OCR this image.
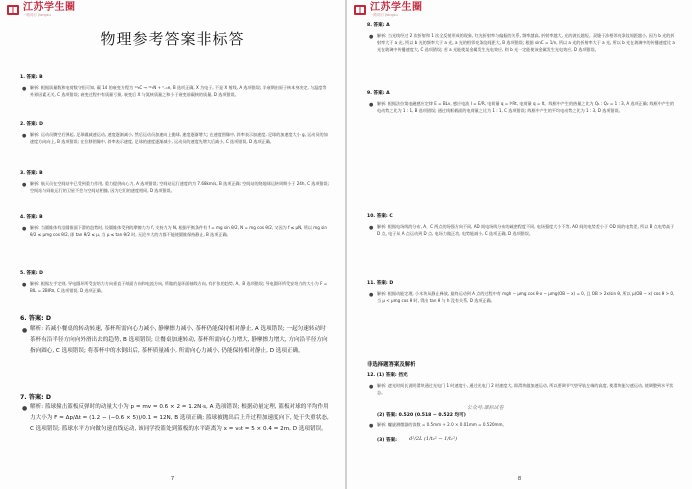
江苏学生圈
一路同行 jiangsu
物理参考答案非标答
1. 答案: B
● 解析: 根据质量数和电荷数守恒可知, 碳 14 的衰变方程为 ¹⁴₆C → ¹⁴₇N + ⁰₋₁e, B 选项正确, X 为电子, 不是 X 射线, A 选项错误; 半衰期由原子核本身决定, 与温度等外界因素无关, C 选项错误; 衰变过程中有质量亏损, 衰变后 X 与氮核质量之和小于衰变前碳核的质量, D 选项错误。
2. 答案: D
● 解析: 运动员腾空后弹起, 足球做减速运动, 速度逐渐减小, 然后运动员加速向上抛球, 速度逐渐增大; 在速度图像中, 斜率表示加速度, 足球的加速度大小 g, 运动员的加速度方向向上, B 选项错误; 在位移图像中, 斜率表示速度, 足球的速度逐渐减小, 运动员的速度先增大后减小, C 选项错误, D 选项正确。
3. 答案: B
● 解析: 航天员在空间站中已受到重力作用, 重力提供向心力, A 选项错误; 空间站运行速度约为 7.68km/s, B 选项正确; 空间站的绕地球运转周期小于 24h, C 选项错误; 空间站与同轨运行的卫星不会与空间站相撞, 因为它们的速度相同, D 选项错误。
4. 答案: B
● 解析: 当圆锥体有沿圆锥面下滑的趋势时, 设圆锥体受到的摩擦力为 f, 支持力为 N, 根据平衡条件有 f = mg sin θ/2, N = mg cos θ/2, 又因为 f ≤ μN, 所以 mg sin θ/2 ≤ μmg cos θ/2, 即 tan θ/2 ≤ μ, 当 μ ≤ tan θ/2 时, 无论多大的力都不能使圆锥保持静止, B 选项正确。
5. 答案: D
● 解析: 根据左手定则, 导电圆环所受安培力方向垂直于纸面方向和电流方向, 所做的是环面轴线方向, 有扩张的趋势, A、B 选项错误; 导电圆环所受安培力的大小为 F = BIL = 2BIRπ, C 选项错误, D 选项正确。
6. 答案: D
● 解析: 若减小餐桌的转动转速, 茶杯所需向心力减小, 静摩擦力减小, 茶杯仍能保持相对静止, A 选项错误; 一起匀速转动时茶杯有沿半径方向向外滑出去的趋势, B 选项错误; 让餐桌加速转动, 茶杯所需向心力增大, 静摩擦力增大, 方向沿半径方向指向圆心, C 选项错误; 将茶杯中的水倒出后, 茶杯质量减小, 所需向心力减小, 仍能保持相对静止, D 选项正确。
7. 答案: D
● 解析: 篮球撞击篮板反弹时的动量大小为 p = mv = 0.6 × 2 = 1.2N·s, A 选项错误; 根据动量定理, 篮板对球的平均作用力大小为 F = Δp/Δt = (1.2 − (−0.6 × 5))/0.1 = 12N, B 选项正确; 篮球被抛出后上升过程加速度向下, 处于失重状态, C 选项错误; 篮球水平方向做匀速直线运动, 该同学投篮处到篮板的水平距离为 x = v₀t = 5 × 0.4 = 2m, D 选项错误。
7
江苏学生圈
一路同行 jiangsu
8. 答案: A
● 解析: 当光线经过 2 次折射和 1 次全反射形成的现象, 红光折射率与偏振的关系, 频率越高, 折射率越大, 光的波长越短。双缝干涉相邻亮条纹间距越小, 因为 b 光的折射率大于 a 光, 所以 b 光的频率大于 a 光, a 光的相邻亮条纹间距大, B 选项错误; 根据 sinC = 1/n, 所以 a 光的折射率大于 a 光, 所以 b 光在玻璃中的传播速度比 a 光在玻璃中传播速度大, C 选项错误; 若 a 光能使某金属发生光电效应, 则 b 光一定能使该金属发生光电效应, D 选项错误。
9. 答案: A
● 解析: 根据法拉第电磁感应定律 E = BLv, 感应电流 I = E/R, 电荷量 q = I²Rt, 电荷量 q = It。线框中产生的热量之比为 Q₁ : Q₂ = 1 : 3, A 选项正确; 线框中产生的电动势之比为 1 : 1, B 选项错误; 通过线框截面的电荷量之比为 1 : 1, C 选项错误; 线框中产生的平均电动势之比为 1 : 3, D 选项错误。
10. 答案: C
● 解析: 根据电场线的分布, A、C 两点的场强方向不同, AD 间电场线分布的疏密程度不同, 电场强度大小不等, AO 间的电势差小于 OD 间的电势差, 所以 B 点电势高于 D 点, 电子从 A 点运动到 D 点, 电场力做正功, 电势能减小, C 选项正确, D 选项错误。
11. 答案: D
● 解析: 根据动能定理, 小木块从静止释放, 最终运动到 A 点的过程中有 mgh − μmg cos θ·x − μmg(OB − x) = 0, 且 OB > 2x/sin θ, 所以 μ(OB − x) cos θ > 0, 当 μ < μmg cos θ 时, 得出 tan θ 与 h 没有关系, D 选项正确。
非选择题答案及解析
12. (1) 答案: 挡光
● 解析: 遮光时间长说明滑块通过光电门 1 时速度小, 通过光电门 2 时速度大, 即滑块做加速运动, 所以要调节气垫导轨左端的高度, 使滑块能匀速运动, 使调整到水平状态。
公众号:课标试卷
(2) 答案: 0.520 (0.518 ~ 0.522 均可)
● 解析: 螺旋测微器的读数 = 0.5mm + 2.0 × 0.01mm = 0.520mm。
(3) 答案: d²/2L (1/t₂² − 1/t₁²)
8
